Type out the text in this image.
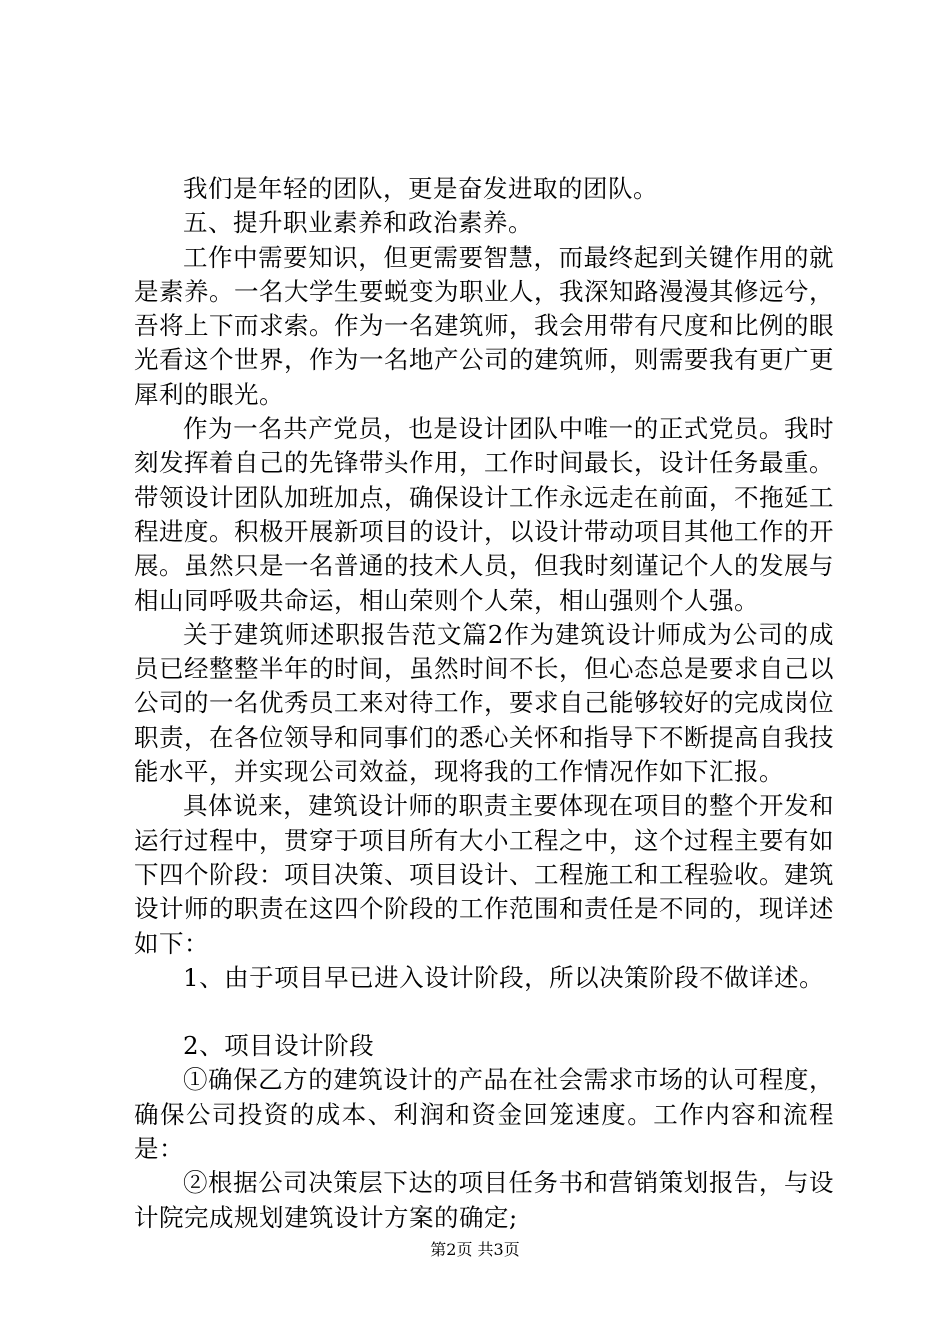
我们是年轻的团队，更是奋发进取的团队。

五、提升职业素养和政治素养。

工作中需要知识，但更需要智慧，而最终起到关键作用的就是素养。一名大学生要蜕变为职业人，我深知路漫漫其修远兮，吾将上下而求索。作为一名建筑师，我会用带有尺度和比例的眼光看这个世界，作为一名地产公司的建筑师，则需要我有更广更犀利的眼光。

作为一名共产党员，也是设计团队中唯一的正式党员。我时刻发挥着自己的先锋带头作用，工作时间最长，设计任务最重。带领设计团队加班加点，确保设计工作永远走在前面，不拖延工程进度。积极开展新项目的设计，以设计带动项目其他工作的开展。虽然只是一名普通的技术人员，但我时刻谨记个人的发展与相山同呼吸共命运，相山荣则个人荣，相山强则个人强。

关于建筑师述职报告范文篇2作为建筑设计师成为公司的成员已经整整半年的时间，虽然时间不长，但心态总是要求自己以公司的一名优秀员工来对待工作，要求自己能够较好的完成岗位职责，在各位领导和同事们的悉心关怀和指导下不断提高自我技能水平，并实现公司效益，现将我的工作情况作如下汇报。

具体说来，建筑设计师的职责主要体现在项目的整个开发和运行过程中，贯穿于项目所有大小工程之中，这个过程主要有如下四个阶段：项目决策、项目设计、工程施工和工程验收。建筑设计师的职责在这四个阶段的工作范围和责任是不同的，现详述如下：

1、由于项目早已进入设计阶段，所以决策阶段不做详述。

2、项目设计阶段

①确保乙方的建筑设计的产品在社会需求市场的认可程度，确保公司投资的成本、利润和资金回笼速度。工作内容和流程是：

②根据公司决策层下达的项目任务书和营销策划报告，与设计院完成规划建筑设计方案的确定;

第2页 共3页
